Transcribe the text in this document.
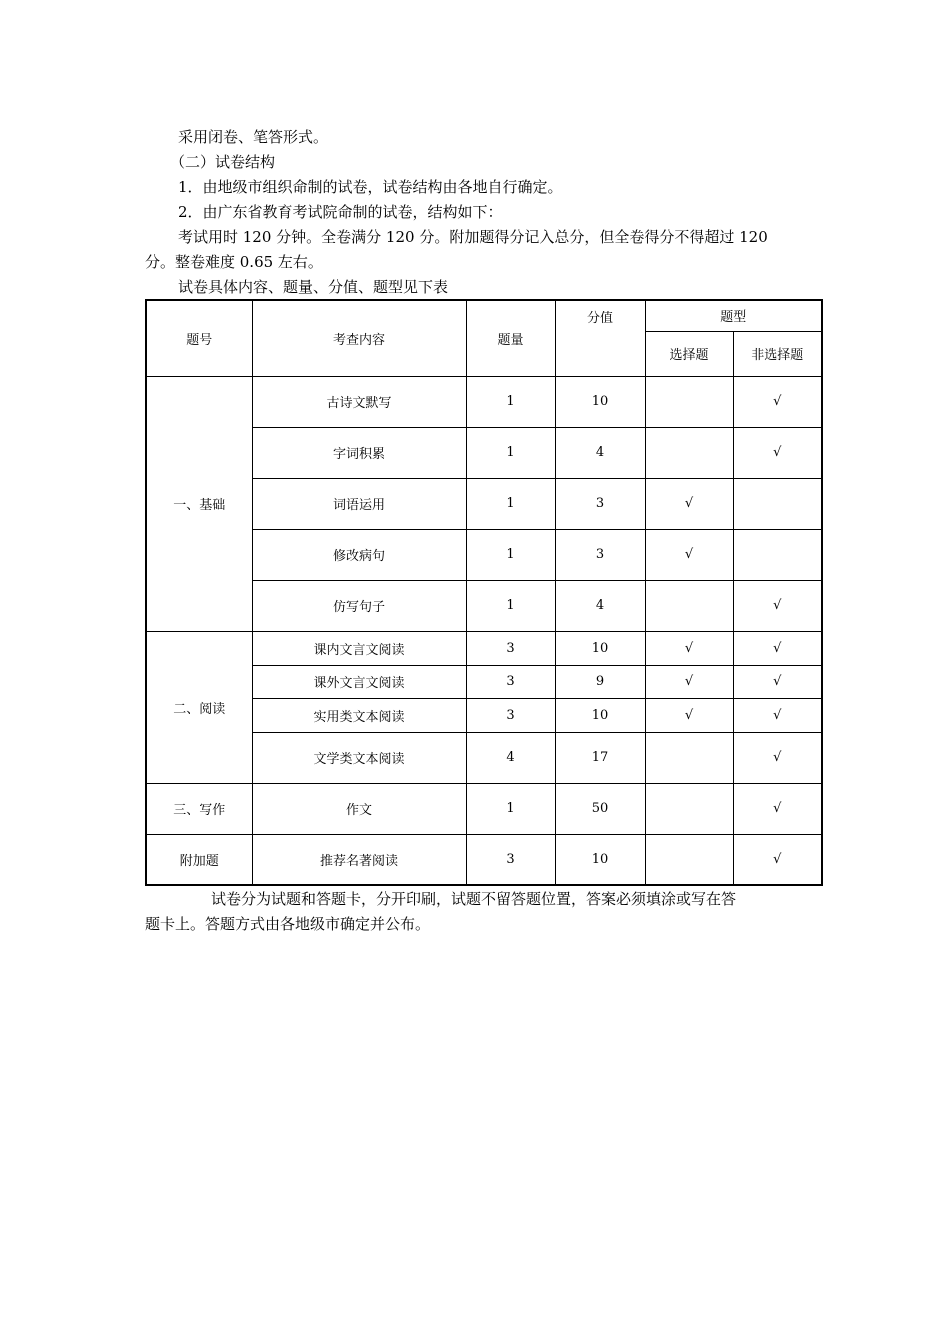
采用闭卷、笔答形式。
（二）试卷结构
1．由地级市组织命制的试卷，试卷结构由各地自行确定。
2．由广东省教育考试院命制的试卷，结构如下：
考试用时 120 分钟。全卷满分 120 分。附加题得分记入总分，但全卷得分不得超过 120
分。整卷难度 0.65 左右。
试卷具体内容、题量、分值、题型见下表
题号	考查内容	题量	分值	题型	
				选择题	非选择题
一、基础	古诗文默写	1	10		√
	字词积累	1	4		√
	词语运用	1	3	√	
	修改病句	1	3	√	
	仿写句子	1	4		√
二、阅读	课内文言文阅读	3	10	√	√
	课外文言文阅读	3	9	√	√
	实用类文本阅读	3	10	√	√
	文学类文本阅读	4	17		√
三、写作	作文	1	50		√
附加题	推荐名著阅读	3	10		√
试卷分为试题和答题卡，分开印刷，试题不留答题位置，答案必须填涂或写在答
题卡上。答题方式由各地级市确定并公布。
